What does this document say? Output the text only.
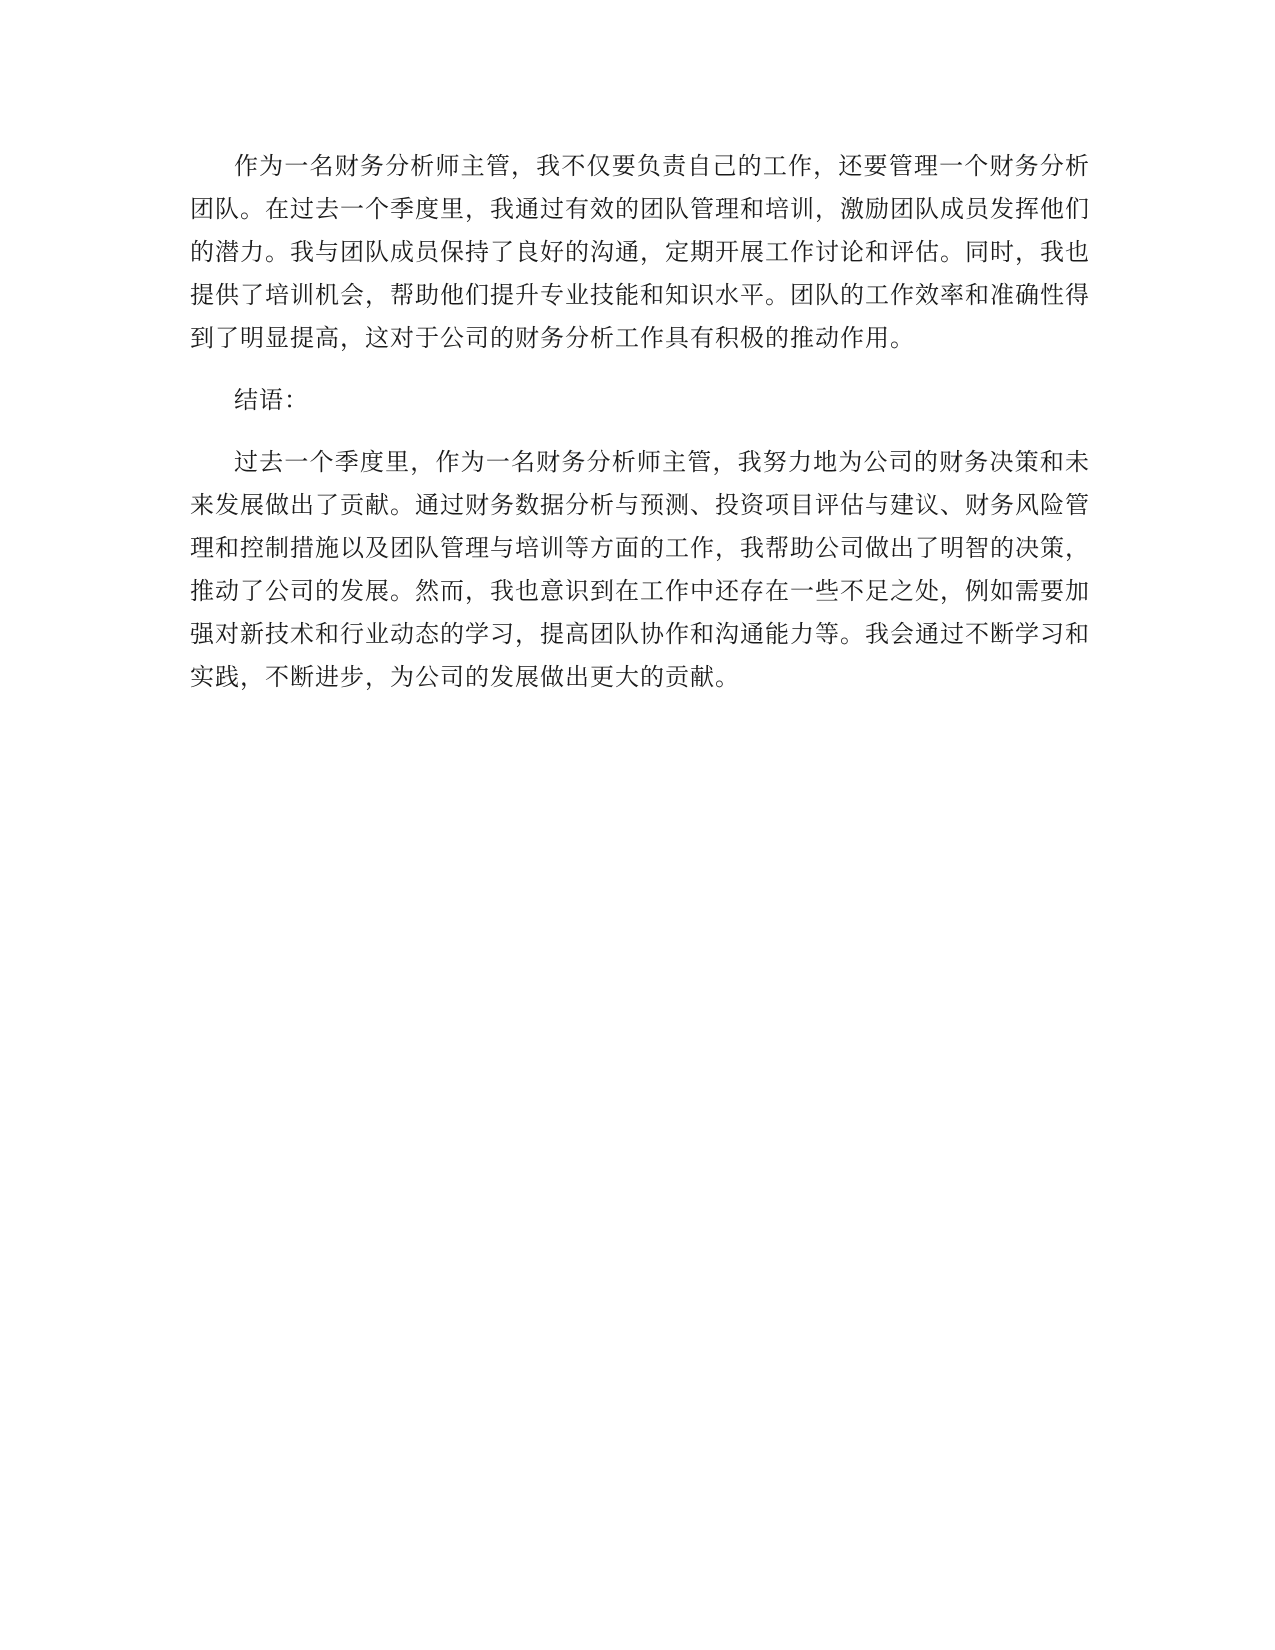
作为一名财务分析师主管，我不仅要负责自己的工作，还要管理一个财务分析团队。在过去一个季度里，我通过有效的团队管理和培训，激励团队成员发挥他们的潜力。我与团队成员保持了良好的沟通，定期开展工作讨论和评估。同时，我也提供了培训机会，帮助他们提升专业技能和知识水平。团队的工作效率和准确性得到了明显提高，这对于公司的财务分析工作具有积极的推动作用。

结语：

过去一个季度里，作为一名财务分析师主管，我努力地为公司的财务决策和未来发展做出了贡献。通过财务数据分析与预测、投资项目评估与建议、财务风险管理和控制措施以及团队管理与培训等方面的工作，我帮助公司做出了明智的决策，推动了公司的发展。然而，我也意识到在工作中还存在一些不足之处，例如需要加强对新技术和行业动态的学习，提高团队协作和沟通能力等。我会通过不断学习和实践，不断进步，为公司的发展做出更大的贡献。
